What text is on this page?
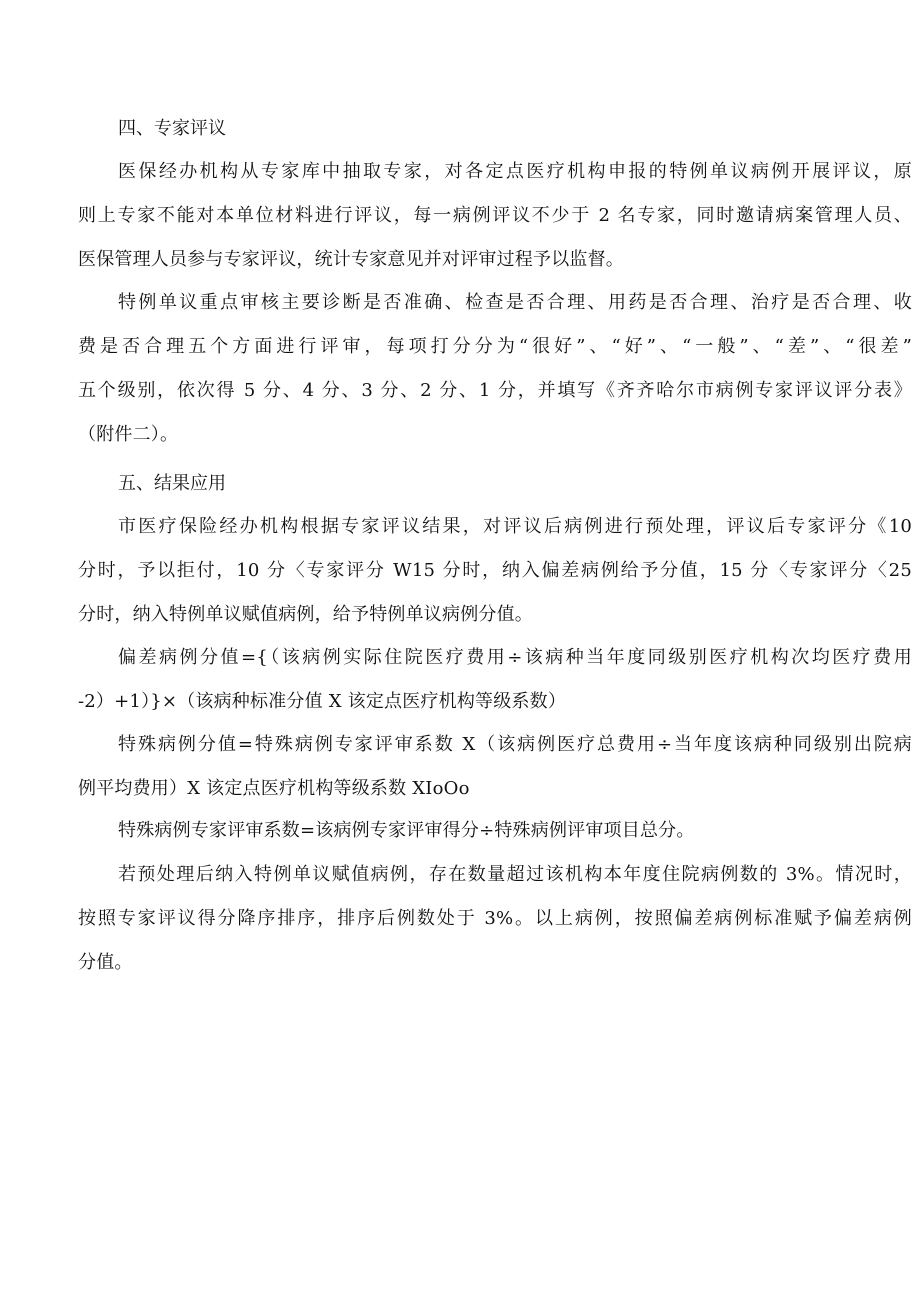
四、专家评议
医保经办机构从专家库中抽取专家，对各定点医疗机构申报的特例单议病例开展评议，原
则上专家不能对本单位材料进行评议，每一病例评议不少于 2 名专家，同时邀请病案管理人员、
医保管理人员参与专家评议，统计专家意见并对评审过程予以监督。
特例单议重点审核主要诊断是否准确、检查是否合理、用药是否合理、治疗是否合理、收
费是否合理五个方面进行评审，每项打分分为“很好”、“好”、“一般”、“差”、“很差”
五个级别，依次得 5 分、4 分、3 分、2 分、1 分，并填写《齐齐哈尔市病例专家评议评分表》
（附件二）。
五、结果应用
市医疗保险经办机构根据专家评议结果，对评议后病例进行预处理，评议后专家评分《10
分时，予以拒付，10 分〈专家评分 W15 分时，纳入偏差病例给予分值，15 分〈专家评分〈25
分时，纳入特例单议赋值病例，给予特例单议病例分值。
偏差病例分值={（该病例实际住院医疗费用÷该病种当年度同级别医疗机构次均医疗费用
-2）+1）}×（该病种标准分值 X 该定点医疗机构等级系数）
特殊病例分值=特殊病例专家评审系数 X（该病例医疗总费用÷当年度该病种同级别出院病
例平均费用）X 该定点医疗机构等级系数 XIoOo
特殊病例专家评审系数=该病例专家评审得分÷特殊病例评审项目总分。
若预处理后纳入特例单议赋值病例，存在数量超过该机构本年度住院病例数的 3%。情况时，
按照专家评议得分降序排序，排序后例数处于 3%。以上病例，按照偏差病例标准赋予偏差病例
分值。
